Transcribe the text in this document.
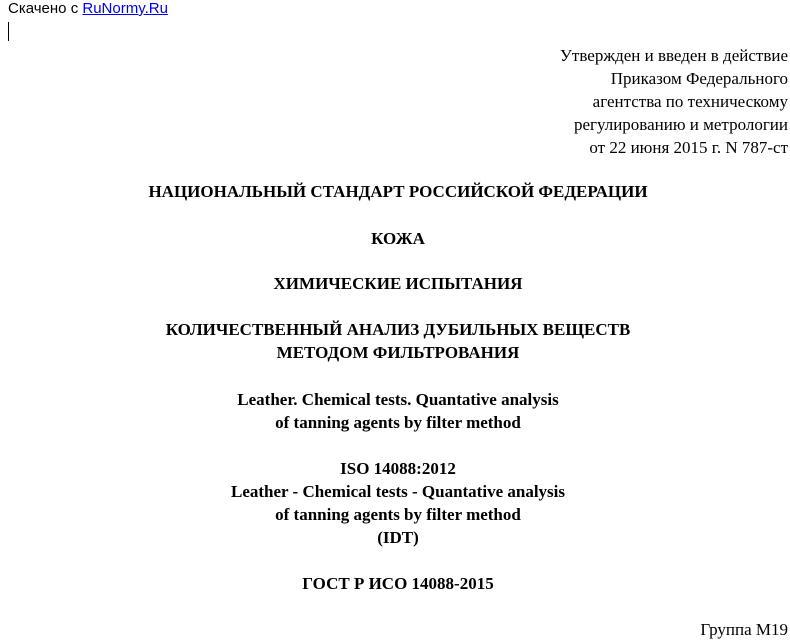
Скачено с RuNormy.Ru
Утвержден и введен в действие
Приказом Федерального
агентства по техническому
регулированию и метрологии
от 22 июня 2015 г. N 787-ст
НАЦИОНАЛЬНЫЙ СТАНДАРТ РОССИЙСКОЙ ФЕДЕРАЦИИ
КОЖА
ХИМИЧЕСКИЕ ИСПЫТАНИЯ
КОЛИЧЕСТВЕННЫЙ АНАЛИЗ ДУБИЛЬНЫХ ВЕЩЕСТВ
МЕТОДОМ ФИЛЬТРОВАНИЯ
Leather. Chemical tests. Quantative analysis
of tanning agents by filter method
ISO 14088:2012
Leather - Chemical tests - Quantative analysis
of tanning agents by filter method
(IDT)
ГОСТ Р ИСО 14088-2015
Группа М19
